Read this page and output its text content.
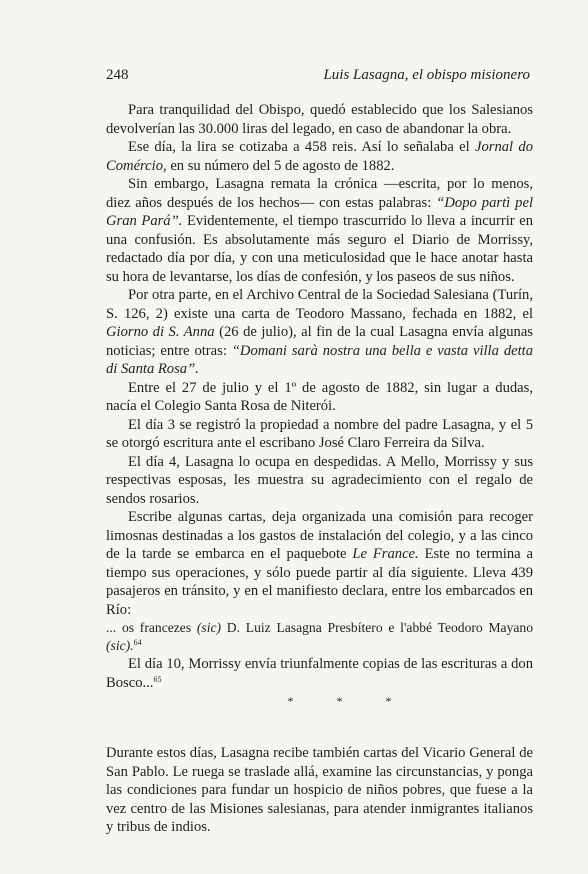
248	Luis Lasagna, el obispo misionero

Para tranquilidad del Obispo, quedó establecido que los Salesianos devolverían las 30.000 liras del legado, en caso de abandonar la obra.

Ese día, la lira se cotizaba a 458 reis. Así lo señalaba el Jornal do Comércio, en su número del 5 de agosto de 1882.

Sin embargo, Lasagna remata la crónica —escrita, por lo menos, diez años después de los hechos— con estas palabras: “Dopo partì pel Gran Pará”. Evidentemente, el tiempo trascurrido lo lleva a incurrir en una confusión. Es absolutamente más seguro el Diario de Morrissy, redactado día por día, y con una meticulosidad que le hace anotar hasta su hora de levantarse, los días de confesión, y los paseos de sus niños.

Por otra parte, en el Archivo Central de la Sociedad Salesiana (Turín, S. 126, 2) existe una carta de Teodoro Massano, fechada en 1882, el Giorno di S. Anna (26 de julio), al fin de la cual Lasagna envía algunas noticias; entre otras: “Domani sarà nostra una bella e vasta villa detta di Santa Rosa”.

Entre el 27 de julio y el 1º de agosto de 1882, sin lugar a dudas, nacía el Colegio Santa Rosa de Niterói.

El día 3 se registró la propiedad a nombre del padre Lasagna, y el 5 se otorgó escritura ante el escribano José Claro Ferreira da Silva.

El día 4, Lasagna lo ocupa en despedidas. A Mello, Morrissy y sus respectivas esposas, les muestra su agradecimiento con el regalo de sendos rosarios.

Escribe algunas cartas, deja organizada una comisión para recoger limosnas destinadas a los gastos de instalación del colegio, y a las cinco de la tarde se embarca en el paquebote Le France. Este no termina a tiempo sus operaciones, y sólo puede partir al día siguiente. Lleva 439 pasajeros en tránsito, y en el manifiesto declara, entre los embarcados en Río:

... os francezes (sic) D. Luiz Lasagna Presbítero e l'abbé Teodoro Mayano (sic).$^{64}$

El día 10, Morrissy envía triunfalmente copias de las escrituras a don Bosco...$^{65}$

* * *

Durante estos días, Lasagna recibe también cartas del Vicario General de San Pablo. Le ruega se traslade allá, examine las circunstancias, y ponga las condiciones para fundar un hospicio de niños pobres, que fuese a la vez centro de las Misiones salesianas, para atender inmigrantes italianos y tribus de indios.
